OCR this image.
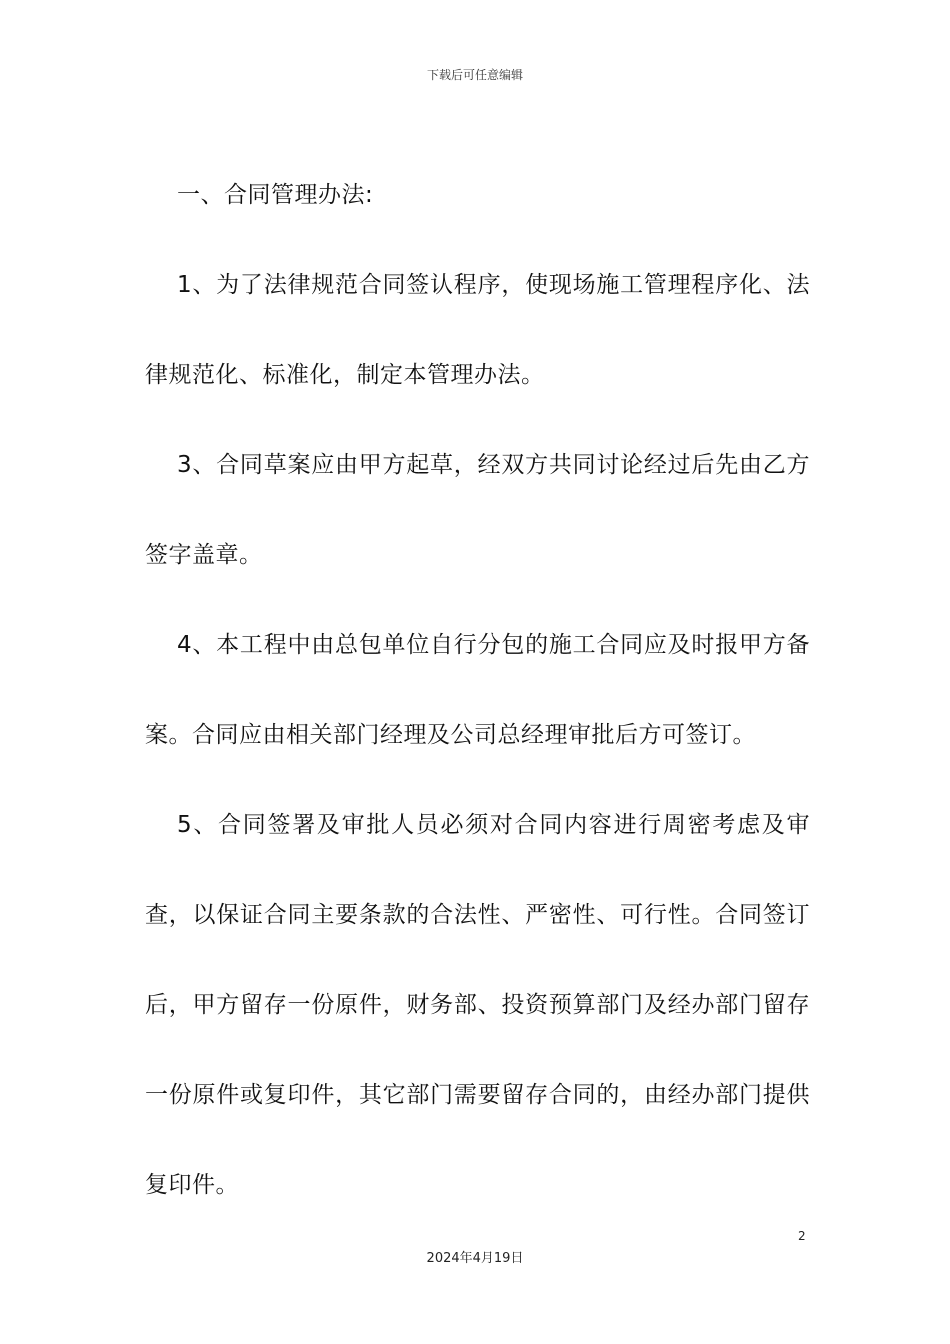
下载后可任意编辑

一、合同管理办法:

1、为了法律规范合同签认程序，使现场施工管理程序化、法律规范化、标准化，制定本管理办法。

3、合同草案应由甲方起草，经双方共同讨论经过后先由乙方签字盖章。

4、本工程中由总包单位自行分包的施工合同应及时报甲方备案。合同应由相关部门经理及公司总经理审批后方可签订。

5、合同签署及审批人员必须对合同内容进行周密考虑及审查，以保证合同主要条款的合法性、严密性、可行性。合同签订后，甲方留存一份原件，财务部、投资预算部门及经办部门留存一份原件或复印件，其它部门需要留存合同的，由经办部门提供复印件。

2
2024年4月19日
